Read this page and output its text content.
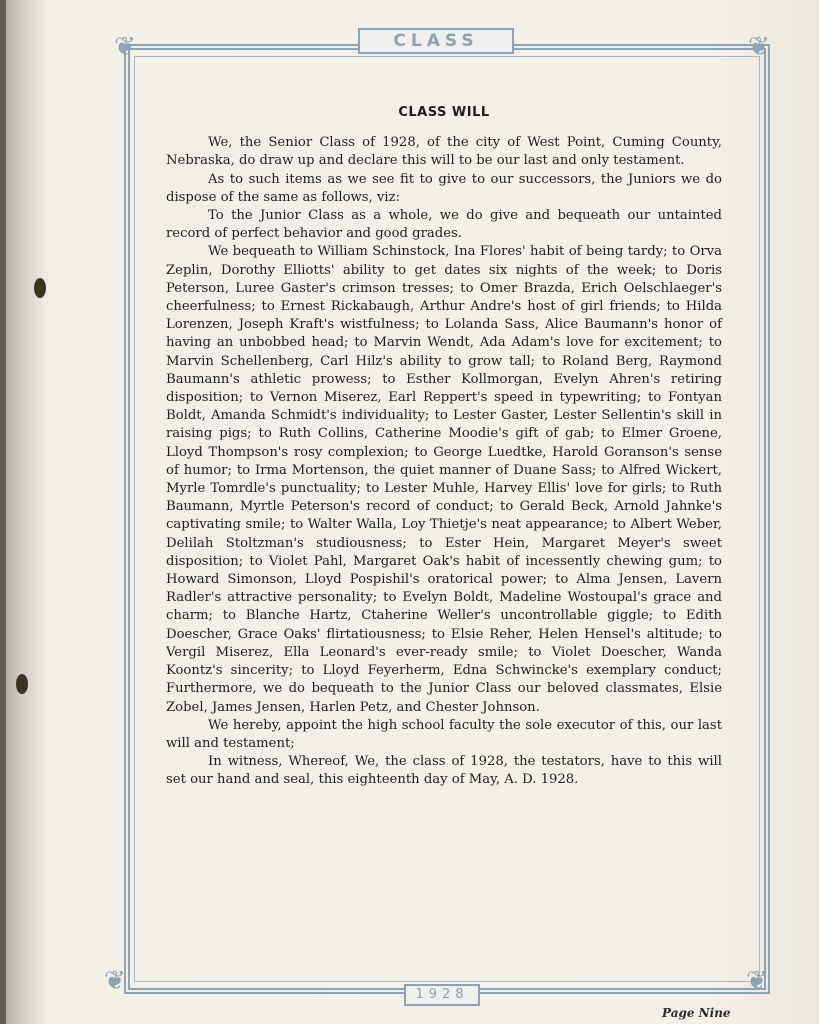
❦	❦
❦	❦
CLASS
1928
Page Nine
CLASS WILL

We, the Senior Class of 1928, of the city of West Point, Cuming County, Nebraska, do draw up and declare this will to be our last and only testament.

As to such items as we see fit to give to our successors, the Juniors we do dispose of the same as follows, viz:

To the Junior Class as a whole, we do give and bequeath our untainted record of perfect behavior and good grades.

We bequeath to William Schinstock, Ina Flores' habit of being tardy; to Orva Zeplin, Dorothy Elliotts' ability to get dates six nights of the week; to Doris Peterson, Luree Gaster's crimson tresses; to Omer Brazda, Erich Oelschlaeger's cheerfulness; to Ernest Rickabaugh, Arthur Andre's host of girl friends; to Hilda Lorenzen, Joseph Kraft's wistfulness; to Lolanda Sass, Alice Baumann's honor of having an unbobbed head; to Marvin Wendt, Ada Adam's love for excitement; to Marvin Schellenberg, Carl Hilz's ability to grow tall; to Roland Berg, Raymond Baumann's athletic prowess; to Esther Kollmorgan, Evelyn Ahren's retiring disposition; to Vernon Miserez, Earl Reppert's speed in typewriting; to Fontyan Boldt, Amanda Schmidt's individuality; to Lester Gaster, Lester Sellentin's skill in raising pigs; to Ruth Collins, Catherine Moodie's gift of gab; to Elmer Groene, Lloyd Thompson's rosy complexion; to George Luedtke, Harold Goranson's sense of humor; to Irma Mortenson, the quiet manner of Duane Sass; to Alfred Wickert, Myrle Tomrdle's punctuality; to Lester Muhle, Harvey Ellis' love for girls; to Ruth Baumann, Myrtle Peterson's record of conduct; to Gerald Beck, Arnold Jahnke's captivating smile; to Walter Walla, Loy Thietje's neat appearance; to Albert Weber, Delilah Stoltzman's studiousness; to Ester Hein, Margaret Meyer's sweet disposition; to Violet Pahl, Margaret Oak's habit of incessently chewing gum; to Howard Simonson, Lloyd Pospishil's oratorical power; to Alma Jensen, Lavern Radler's attractive personality; to Evelyn Boldt, Madeline Wostoupal's grace and charm; to Blanche Hartz, Ctaherine Weller's uncontrollable giggle; to Edith Doescher, Grace Oaks' flirtatiousness; to Elsie Reher, Helen Hensel's altitude; to Vergil Miserez, Ella Leonard's ever-ready smile; to Violet Doescher, Wanda Koontz's sincerity; to Lloyd Feyerherm, Edna Schwincke's exemplary conduct; Furthermore, we do bequeath to the Junior Class our beloved classmates, Elsie Zobel, James Jensen, Harlen Petz, and Chester Johnson.

We hereby, appoint the high school faculty the sole executor of this, our last will and testament;

In witness, Whereof, We, the class of 1928, the testators, have to this will set our hand and seal, this eighteenth day of May, A. D. 1928.
